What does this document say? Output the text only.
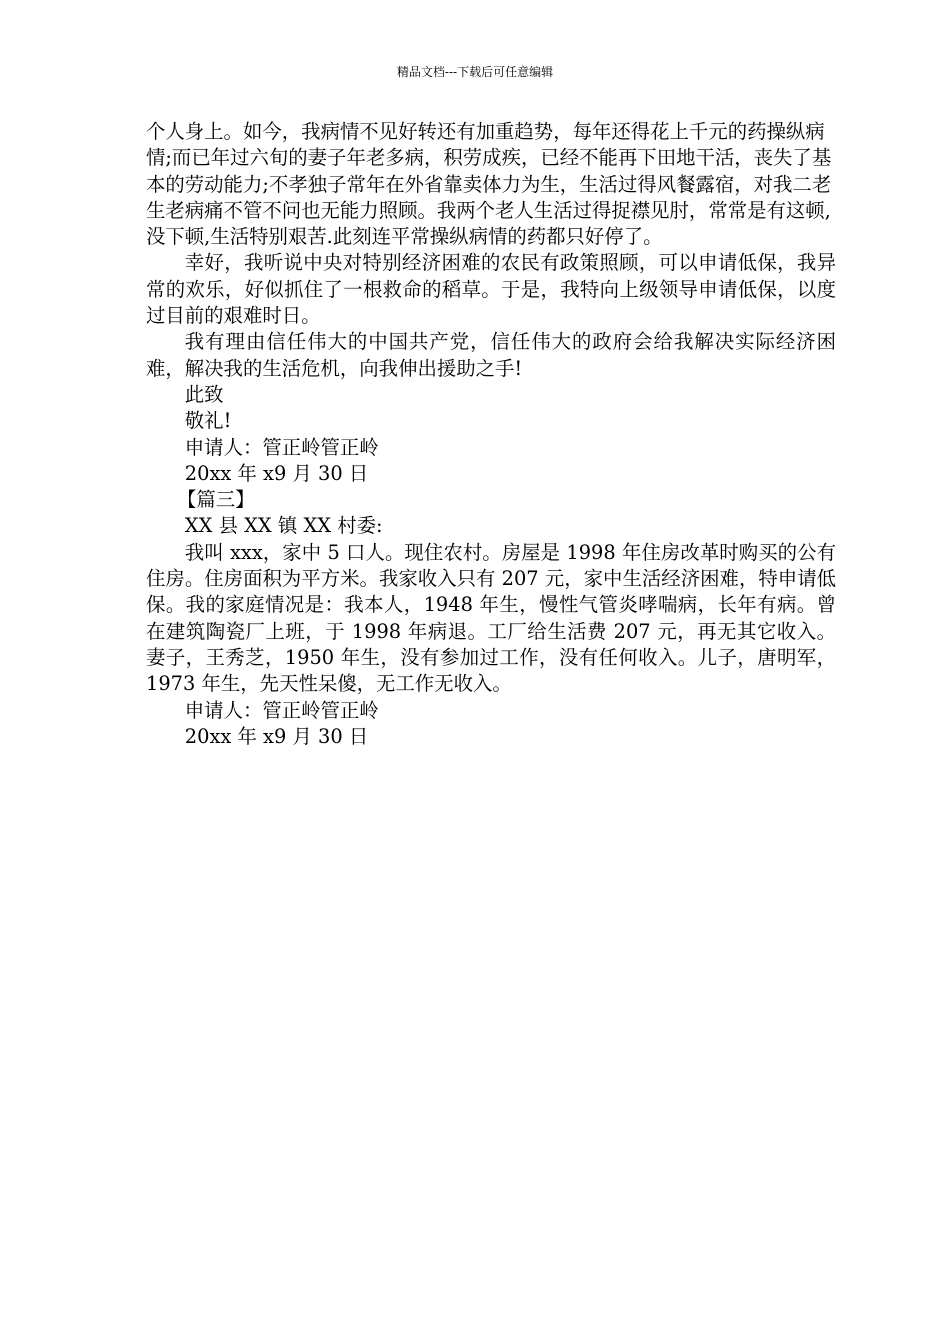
精品文档---下载后可任意编辑

个人身上。如今，我病情不见好转还有加重趋势，每年还得花上千元的药操纵病情;而已年过六旬的妻子年老多病，积劳成疾，已经不能再下田地干活，丧失了基本的劳动能力;不孝独子常年在外省靠卖体力为生，生活过得风餐露宿，对我二老生老病痛不管不问也无能力照顾。我两个老人生活过得捉襟见肘，常常是有这顿,没下顿,生活特别艰苦.此刻连平常操纵病情的药都只好停了。

幸好，我听说中央对特别经济困难的农民有政策照顾，可以申请低保，我异常的欢乐，好似抓住了一根救命的稻草。于是，我特向上级领导申请低保，以度过目前的艰难时日。

我有理由信任伟大的中国共产党，信任伟大的政府会给我解决实际经济困难，解决我的生活危机，向我伸出援助之手!

此致

敬礼!

申请人：管正岭管正岭

20xx 年 x9 月 30 日

【篇三】

XX 县 XX 镇 XX 村委:

我叫 xxx，家中 5 口人。现住农村。房屋是 1998 年住房改革时购买的公有住房。住房面积为平方米。我家收入只有 207 元，家中生活经济困难，特申请低保。我的家庭情况是：我本人，1948 年生，慢性气管炎哮喘病，长年有病。曾在建筑陶瓷厂上班，于 1998 年病退。工厂给生活费 207 元，再无其它收入。妻子，王秀芝，1950 年生，没有参加过工作，没有任何收入。儿子，唐明军，1973 年生，先天性呆傻，无工作无收入。

申请人：管正岭管正岭

20xx 年 x9 月 30 日
